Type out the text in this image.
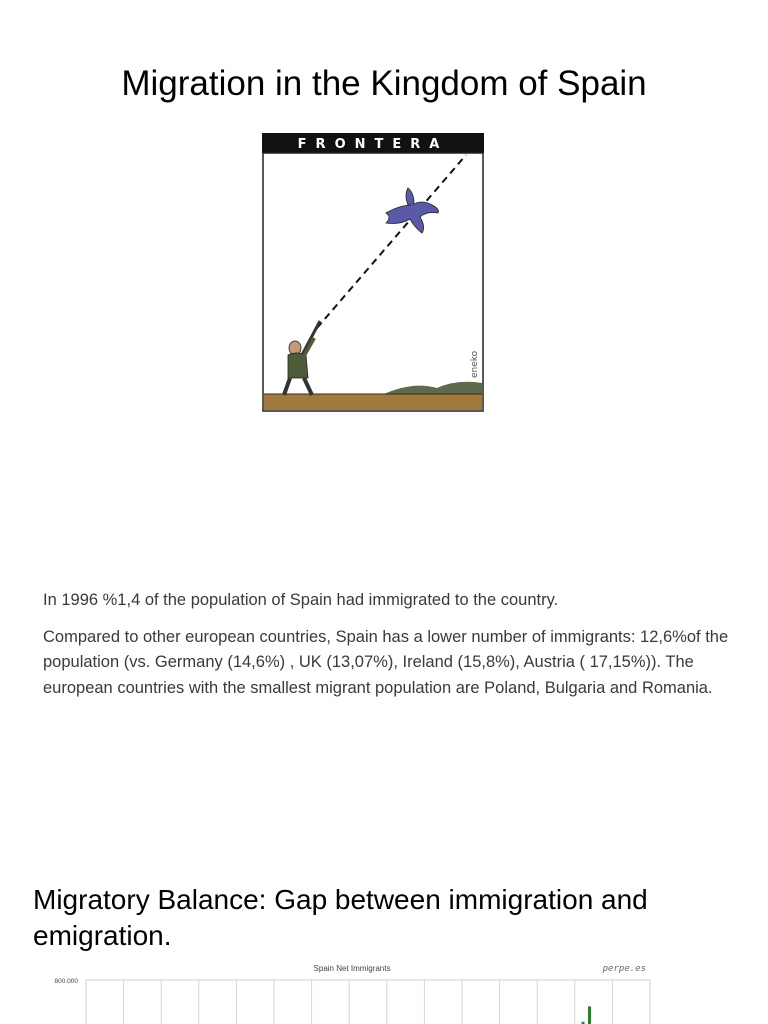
Migration in the Kingdom of Spain
FRONTERA
eneko

In 1996 %1,4 of the population of Spain had immigrated to the country.

Compared to other european countries, Spain has a lower number of immigrants: 12,6%of the population (vs. Germany (14,6%) , UK (13,07%), Ireland (15,8%), Austria ( 17,15%)). The european countries with the smallest migrant population are Poland, Bulgaria and Romania.

Migratory Balance: Gap between immigration and emigration.
Spain Net Immigrants	perpe.es
800.000
